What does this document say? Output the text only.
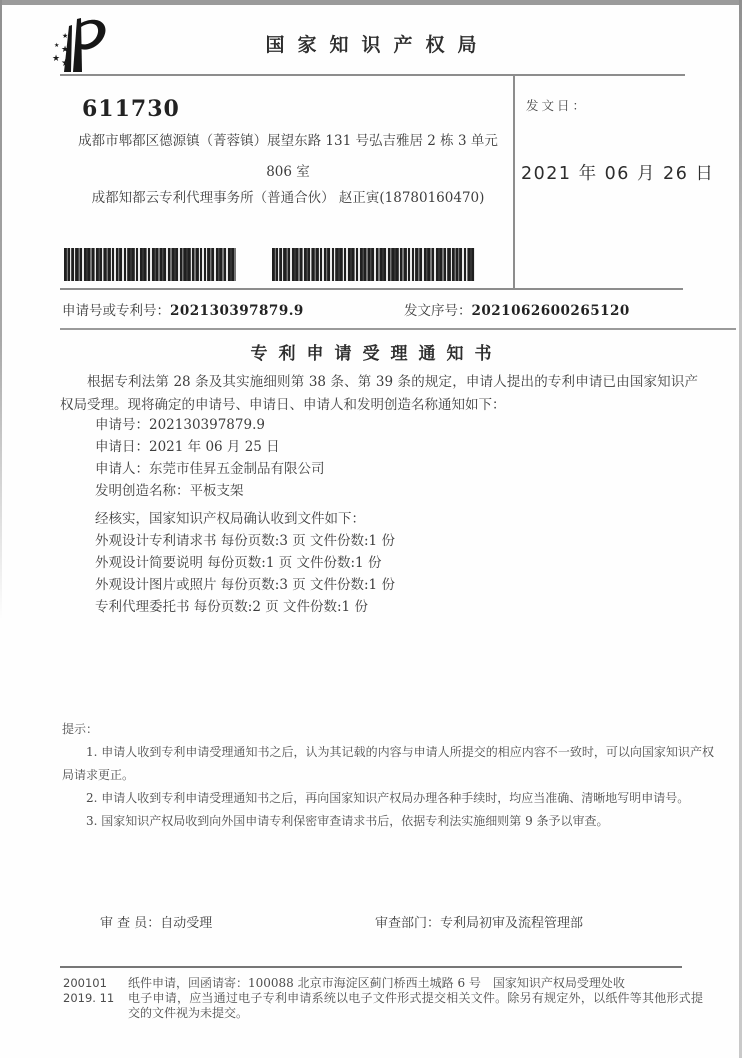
★
★ ★
★ ★
国家知识产权局
611730
成都市郫都区德源镇（菁蓉镇）展望东路 131 号弘吉雅居 2 栋 3 单元
806 室
成都知都云专利代理事务所（普通合伙） 赵正寅(18780160470)
发文日：
2021 年 06 月 26 日
申请号或专利号：202130397879.9	发文序号：2021062600265120
专利申请受理通知书
根据专利法第 28 条及其实施细则第 38 条、第 39 条的规定，申请人提出的专利申请已由国家知识产权局受理。现将确定的申请号、申请日、申请人和发明创造名称通知如下：
申请号：202130397879.9
申请日：2021 年 06 月 25 日
申请人：东莞市佳昇五金制品有限公司
发明创造名称：平板支架
经核实，国家知识产权局确认收到文件如下：
外观设计专利请求书 每份页数:3 页 文件份数:1 份
外观设计简要说明 每份页数:1 页 文件份数:1 份
外观设计图片或照片 每份页数:3 页 文件份数:1 份
专利代理委托书 每份页数:2 页 文件份数:1 份
提示：
1. 申请人收到专利申请受理通知书之后，认为其记载的内容与申请人所提交的相应内容不一致时，可以向国家知识产权局请求更正。
2. 申请人收到专利申请受理通知书之后，再向国家知识产权局办理各种手续时，均应当准确、清晰地写明申请号。
3. 国家知识产权局收到向外国申请专利保密审查请求书后，依据专利法实施细则第 9 条予以审查。
审 查 员：自动受理	审查部门：专利局初审及流程管理部
200101
2019. 11
纸件申请，回函请寄：100088 北京市海淀区蓟门桥西土城路 6 号　国家知识产权局受理处收
电子申请，应当通过电子专利申请系统以电子文件形式提交相关文件。除另有规定外，以纸件等其他形式提交的文件视为未提交。
